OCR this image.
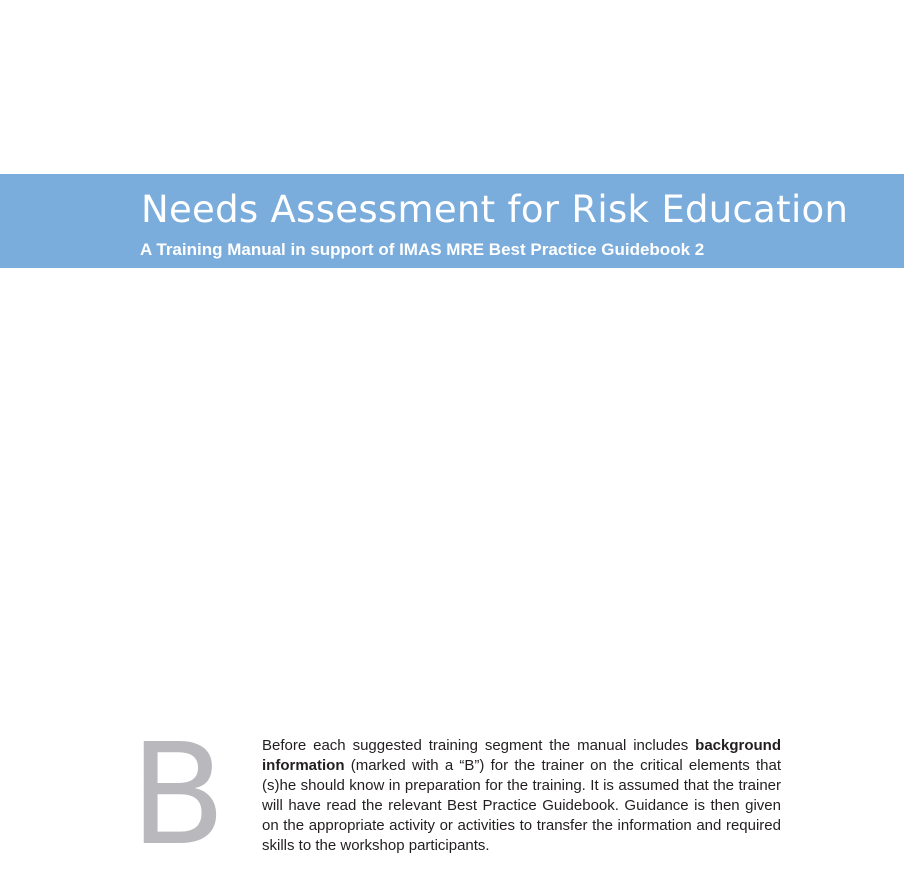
Needs Assessment for Risk Education
A Training Manual in support of IMAS MRE Best Practice Guidebook 2
B	Before each suggested training segment the manual includes background information (marked with a “B”) for the trainer on the critical elements that (s)he should know in preparation for the training. It is assumed that the trainer will have read the relevant Best Practice Guidebook. Guidance is then given on the appropriate activity or activities to transfer the information and required skills to the workshop participants.
